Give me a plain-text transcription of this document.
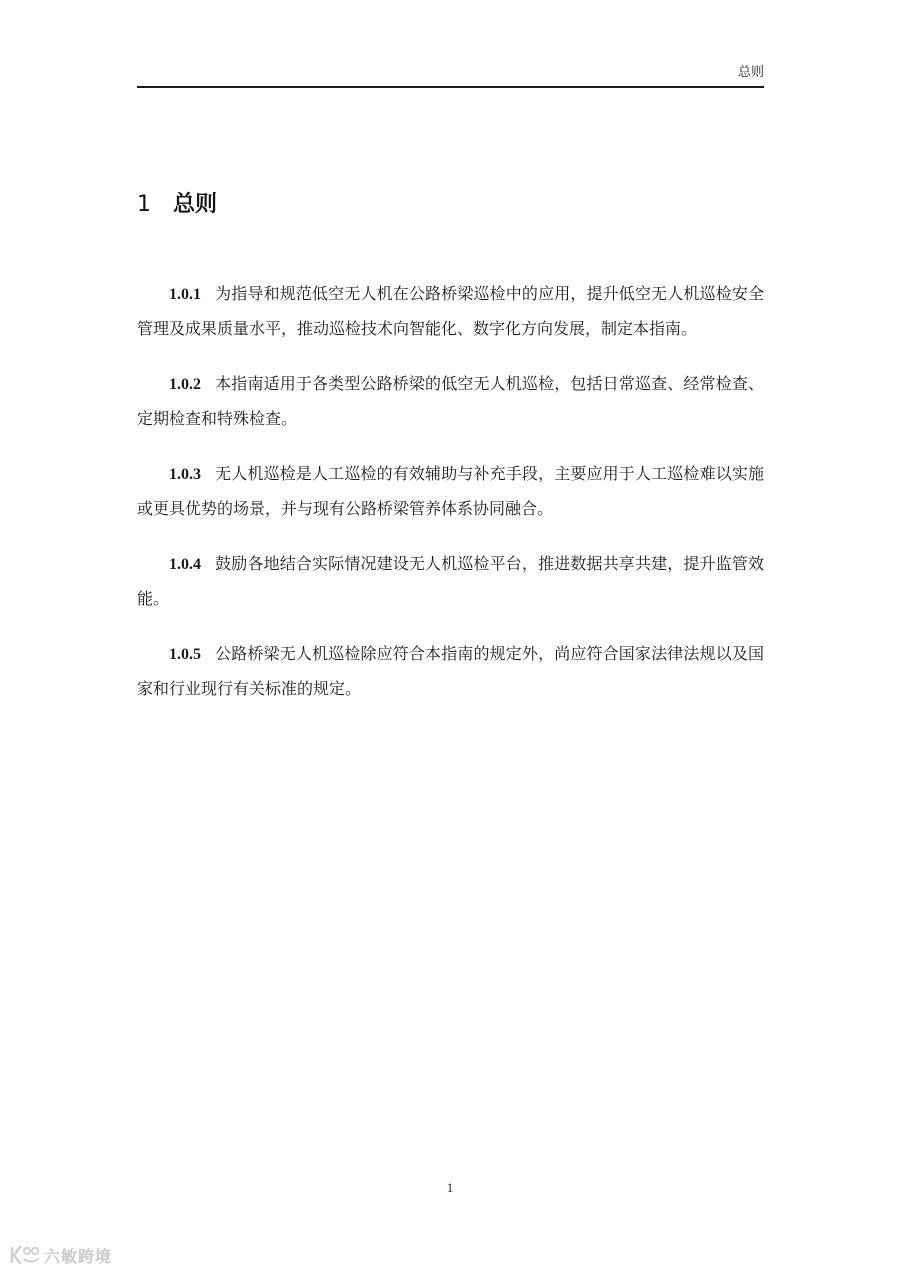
总则
1 总则

1.0.1 为指导和规范低空无人机在公路桥梁巡检中的应用，提升低空无人机巡检安全管理及成果质量水平，推动巡检技术向智能化、数字化方向发展，制定本指南。

1.0.2 本指南适用于各类型公路桥梁的低空无人机巡检，包括日常巡查、经常检查、定期检查和特殊检查。

1.0.3 无人机巡检是人工巡检的有效辅助与补充手段，主要应用于人工巡检难以实施或更具优势的场景，并与现有公路桥梁管养体系协同融合。

1.0.4 鼓励各地结合实际情况建设无人机巡检平台，推进数据共享共建，提升监管效能。

1.0.5 公路桥梁无人机巡检除应符合本指南的规定外，尚应符合国家法律法规以及国家和行业现行有关标准的规定。

1
六敏跨境
